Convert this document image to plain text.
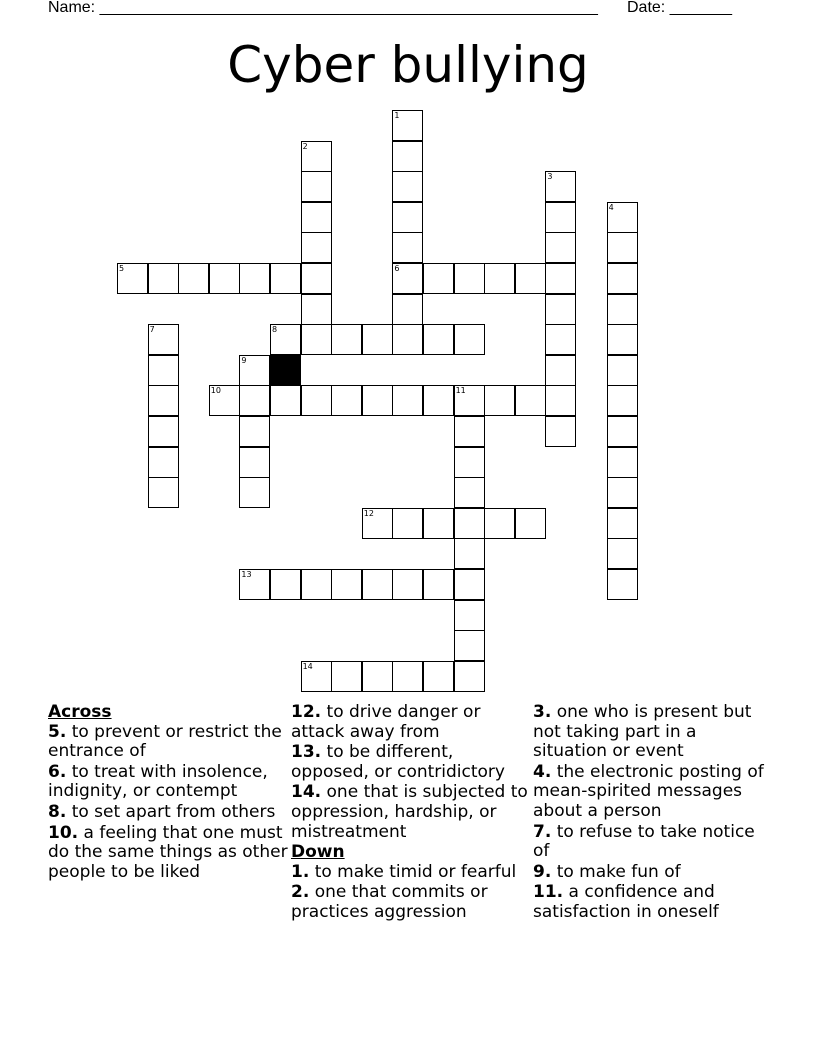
Name: ________________________________________________________ Date: _______
Cyber bullying
1
6
2
3
4
5
7	8
9
10	11
12
13
14
Across
5. to prevent or restrict the entrance of
6. to treat with insolence, indignity, or contempt
8. to set apart from others
10. a feeling that one must do the same things as other people to be liked
12. to drive danger or attack away from
13. to be different, opposed, or contridictory
14. one that is subjected to oppression, hardship, or mistreatment
Down
1. to make timid or fearful
2. one that commits or practices aggression
3. one who is present but not taking part in a situation or event
4. the electronic posting of mean-spirited messages about a person
7. to refuse to take notice of
9. to make fun of
11. a confidence and satisfaction in oneself
